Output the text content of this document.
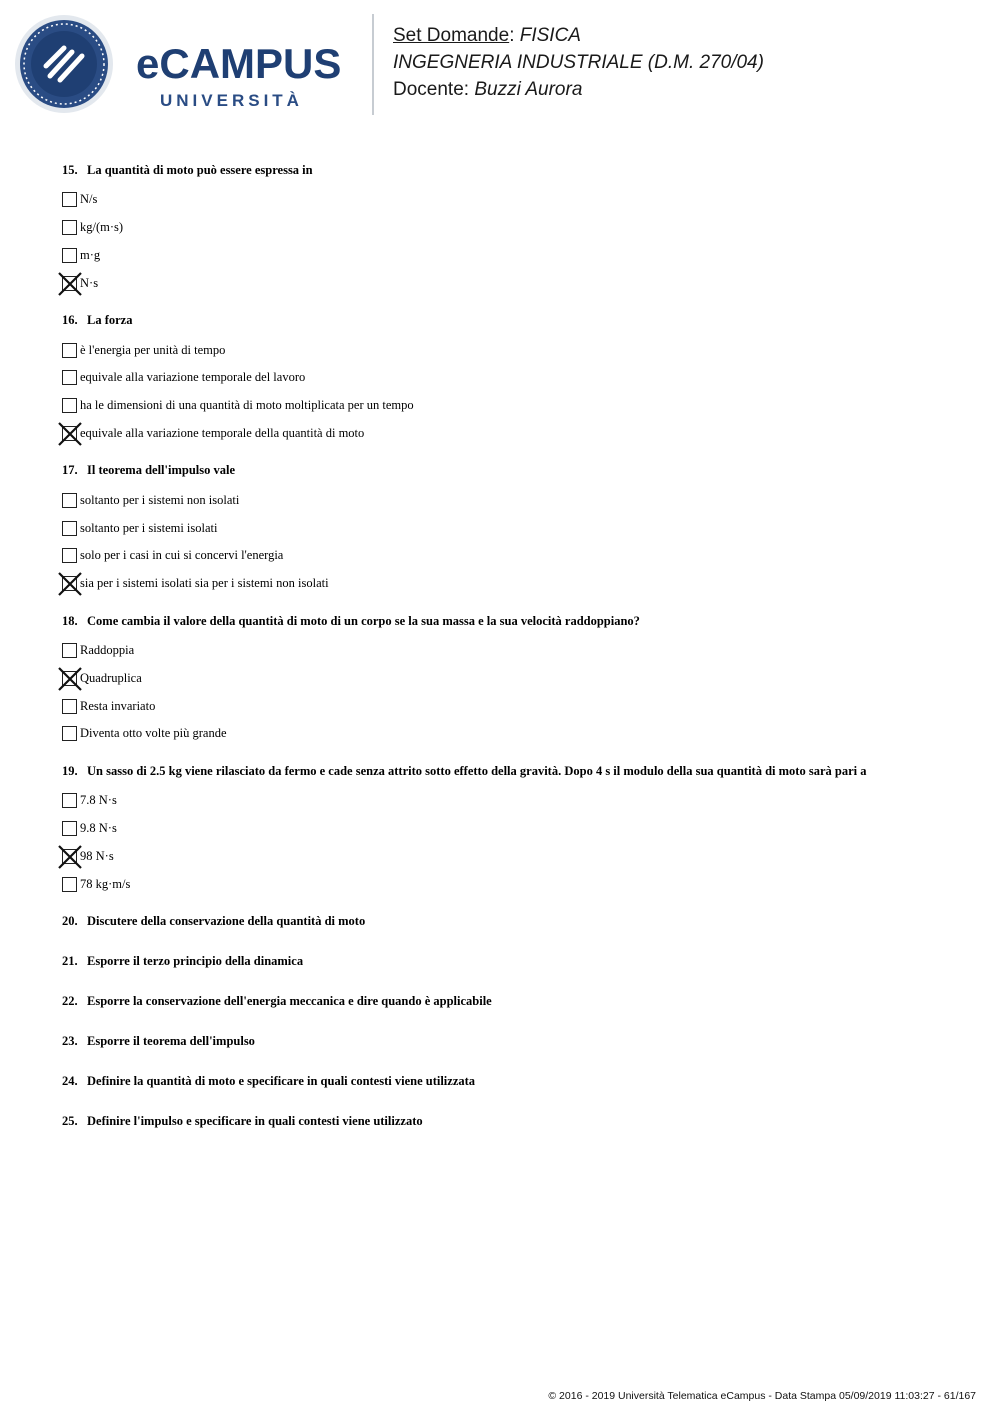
eCAMPUS
UNIVERSITÀ
Set Domande: FISICA
INGEGNERIA INDUSTRIALE (D.M. 270/04)
Docente: Buzzi Aurora
15. La quantità di moto può essere espressa in
N/s
kg/(m·s)
m·g
N·s
16. La forza
è l'energia per unità di tempo
equivale alla variazione temporale del lavoro
ha le dimensioni di una quantità di moto moltiplicata per un tempo
equivale alla variazione temporale della quantità di moto
17. Il teorema dell'impulso vale
soltanto per i sistemi non isolati
soltanto per i sistemi isolati
solo per i casi in cui si concervi l'energia
sia per i sistemi isolati sia per i sistemi non isolati
18. Come cambia il valore della quantità di moto di un corpo se la sua massa e la sua velocità raddoppiano?
Raddoppia
Quadruplica
Resta invariato
Diventa otto volte più grande
19. Un sasso di 2.5 kg viene rilasciato da fermo e cade senza attrito sotto effetto della gravità. Dopo 4 s il modulo della sua quantità di moto sarà pari a
7.8 N·s
9.8 N·s
98 N·s
78 kg·m/s
20. Discutere della conservazione della quantità di moto
21. Esporre il terzo principio della dinamica
22. Esporre la conservazione dell'energia meccanica e dire quando è applicabile
23. Esporre il teorema dell'impulso
24. Definire la quantità di moto e specificare in quali contesti viene utilizzata
25. Definire l'impulso e specificare in quali contesti viene utilizzato
© 2016 - 2019 Università Telematica eCampus - Data Stampa 05/09/2019 11:03:27 - 61/167
